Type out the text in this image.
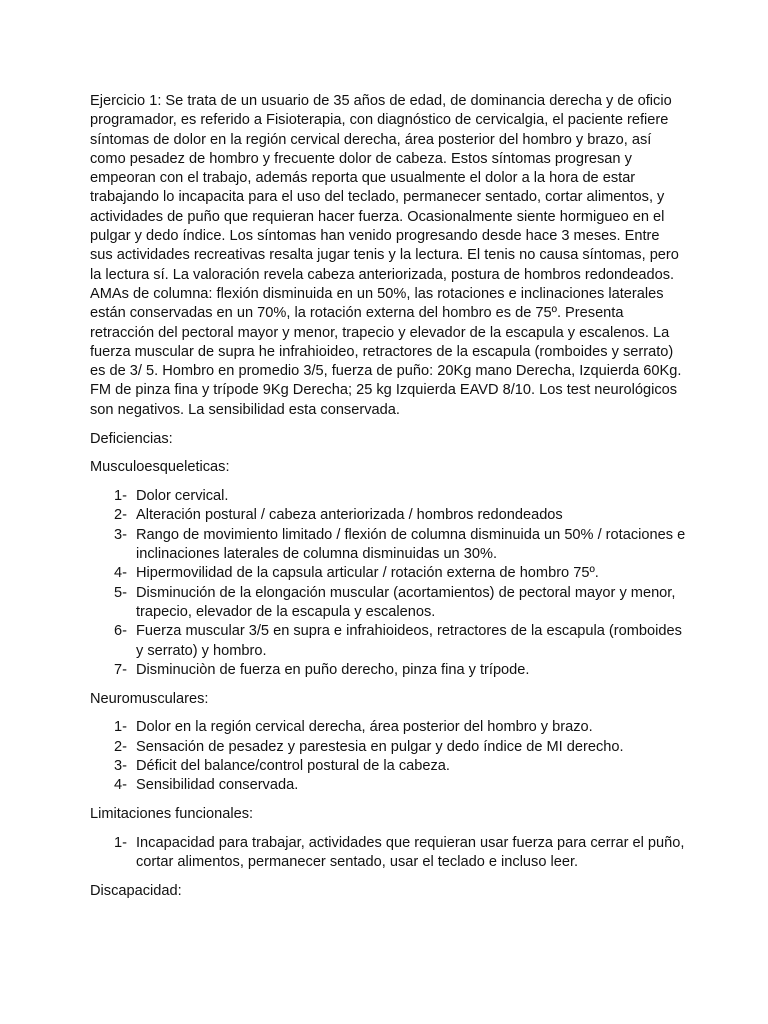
Ejercicio 1: Se trata de un usuario de 35 años de edad, de dominancia derecha y de oficio programador, es referido a Fisioterapia, con diagnóstico de cervicalgia, el paciente refiere síntomas de dolor en la región cervical derecha, área posterior del hombro y brazo, así como pesadez de hombro y frecuente dolor de cabeza. Estos síntomas progresan y empeoran con el trabajo, además reporta que usualmente el dolor a la hora de estar trabajando lo incapacita para el uso del teclado, permanecer sentado, cortar alimentos, y actividades de puño que requieran hacer fuerza. Ocasionalmente siente hormigueo en el pulgar y dedo índice. Los síntomas han venido progresando desde hace 3 meses. Entre sus actividades recreativas resalta jugar tenis y la lectura. El tenis no causa síntomas, pero la lectura sí. La valoración revela cabeza anteriorizada, postura de hombros redondeados. AMAs de columna: flexión disminuida en un 50%, las rotaciones e inclinaciones laterales están conservadas en un 70%, la rotación externa del hombro es de 75º. Presenta retracción del pectoral mayor y menor, trapecio y elevador de la escapula y escalenos. La fuerza muscular de supra he infrahioideo, retractores de la escapula (romboides y serrato) es de 3/ 5. Hombro en promedio 3/5, fuerza de puño: 20Kg mano Derecha, Izquierda 60Kg. FM de pinza fina y trípode 9Kg Derecha; 25 kg Izquierda EAVD 8/10. Los test neurológicos son negativos. La sensibilidad esta conservada.

Deficiencias:

Musculoesqueleticas:

1- Dolor cervical.
2- Alteración postural / cabeza anteriorizada / hombros redondeados
3- Rango de movimiento limitado / flexión de columna disminuida un 50% / rotaciones e inclinaciones laterales de columna disminuidas un 30%.
4- Hipermovilidad de la capsula articular / rotación externa de hombro 75º.
5- Disminución de la elongación muscular (acortamientos) de pectoral mayor y menor, trapecio, elevador de la escapula y escalenos.
6- Fuerza muscular 3/5 en supra e infrahioideos, retractores de la escapula (romboides y serrato) y hombro.
7- Disminuciòn de fuerza en puño derecho, pinza fina y trípode.

Neuromusculares:

1- Dolor en la región cervical derecha, área posterior del hombro y brazo.
2- Sensación de pesadez y parestesia en pulgar y dedo índice de MI derecho.
3- Déficit del balance/control postural de la cabeza.
4- Sensibilidad conservada.

Limitaciones funcionales:

1- Incapacidad para trabajar, actividades que requieran usar fuerza para cerrar el puño, cortar alimentos, permanecer sentado, usar el teclado e incluso leer.

Discapacidad:
